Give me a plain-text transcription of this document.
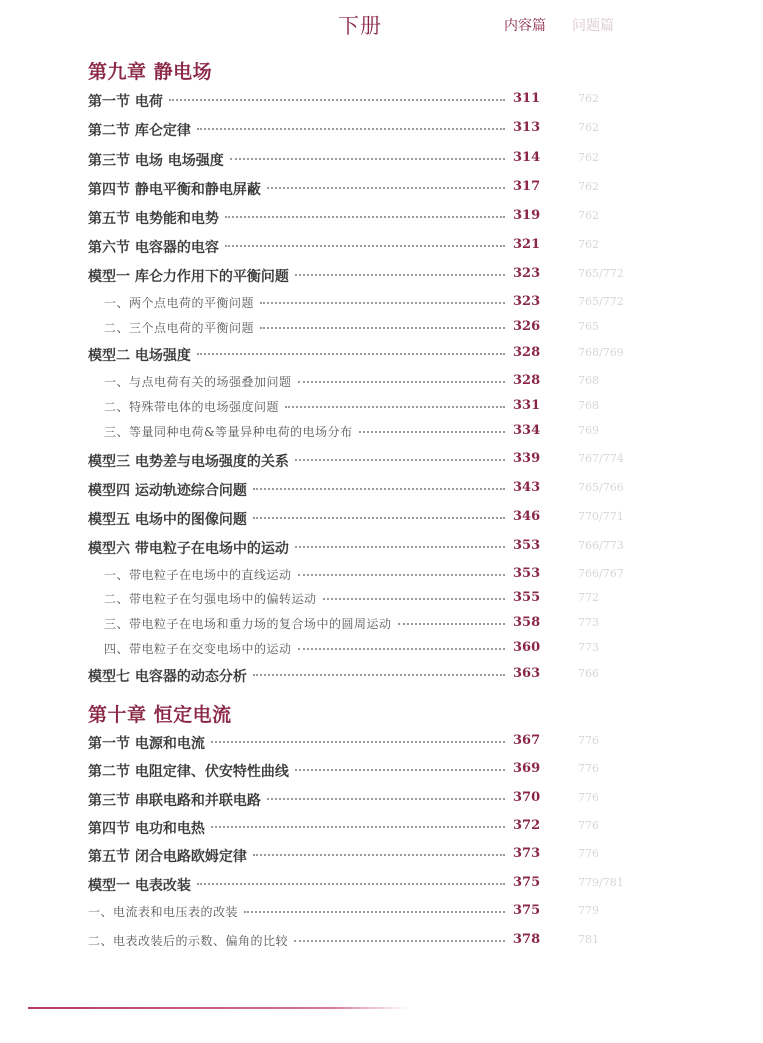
下册	内容篇 问题篇
第九章 静电场
第一节 电荷	311	762
第二节 库仑定律	313	762
第三节 电场 电场强度	314	762
第四节 静电平衡和静电屏蔽	317	762
第五节 电势能和电势	319	762
第六节 电容器的电容	321	762
模型一 库仑力作用下的平衡问题	323	765/772
一、两个点电荷的平衡问题	323	765/772
二、三个点电荷的平衡问题	326	765
模型二 电场强度	328	768/769
一、与点电荷有关的场强叠加问题	328	768
二、特殊带电体的电场强度问题	331	768
三、等量同种电荷&等量异种电荷的电场分布	334	769
模型三 电势差与电场强度的关系	339	767/774
模型四 运动轨迹综合问题	343	765/766
模型五 电场中的图像问题	346	770/771
模型六 带电粒子在电场中的运动	353	766/773
一、带电粒子在电场中的直线运动	353	766/767
二、带电粒子在匀强电场中的偏转运动	355	772
三、带电粒子在电场和重力场的复合场中的圆周运动	358	773
四、带电粒子在交变电场中的运动	360	773
模型七 电容器的动态分析	363	766
第十章 恒定电流
第一节 电源和电流	367	776
第二节 电阻定律、伏安特性曲线	369	776
第三节 串联电路和并联电路	370	776
第四节 电功和电热	372	776
第五节 闭合电路欧姆定律	373	776
模型一 电表改装	375	779/781
一、电流表和电压表的改装	375	779
二、电表改装后的示数、偏角的比较	378	781
